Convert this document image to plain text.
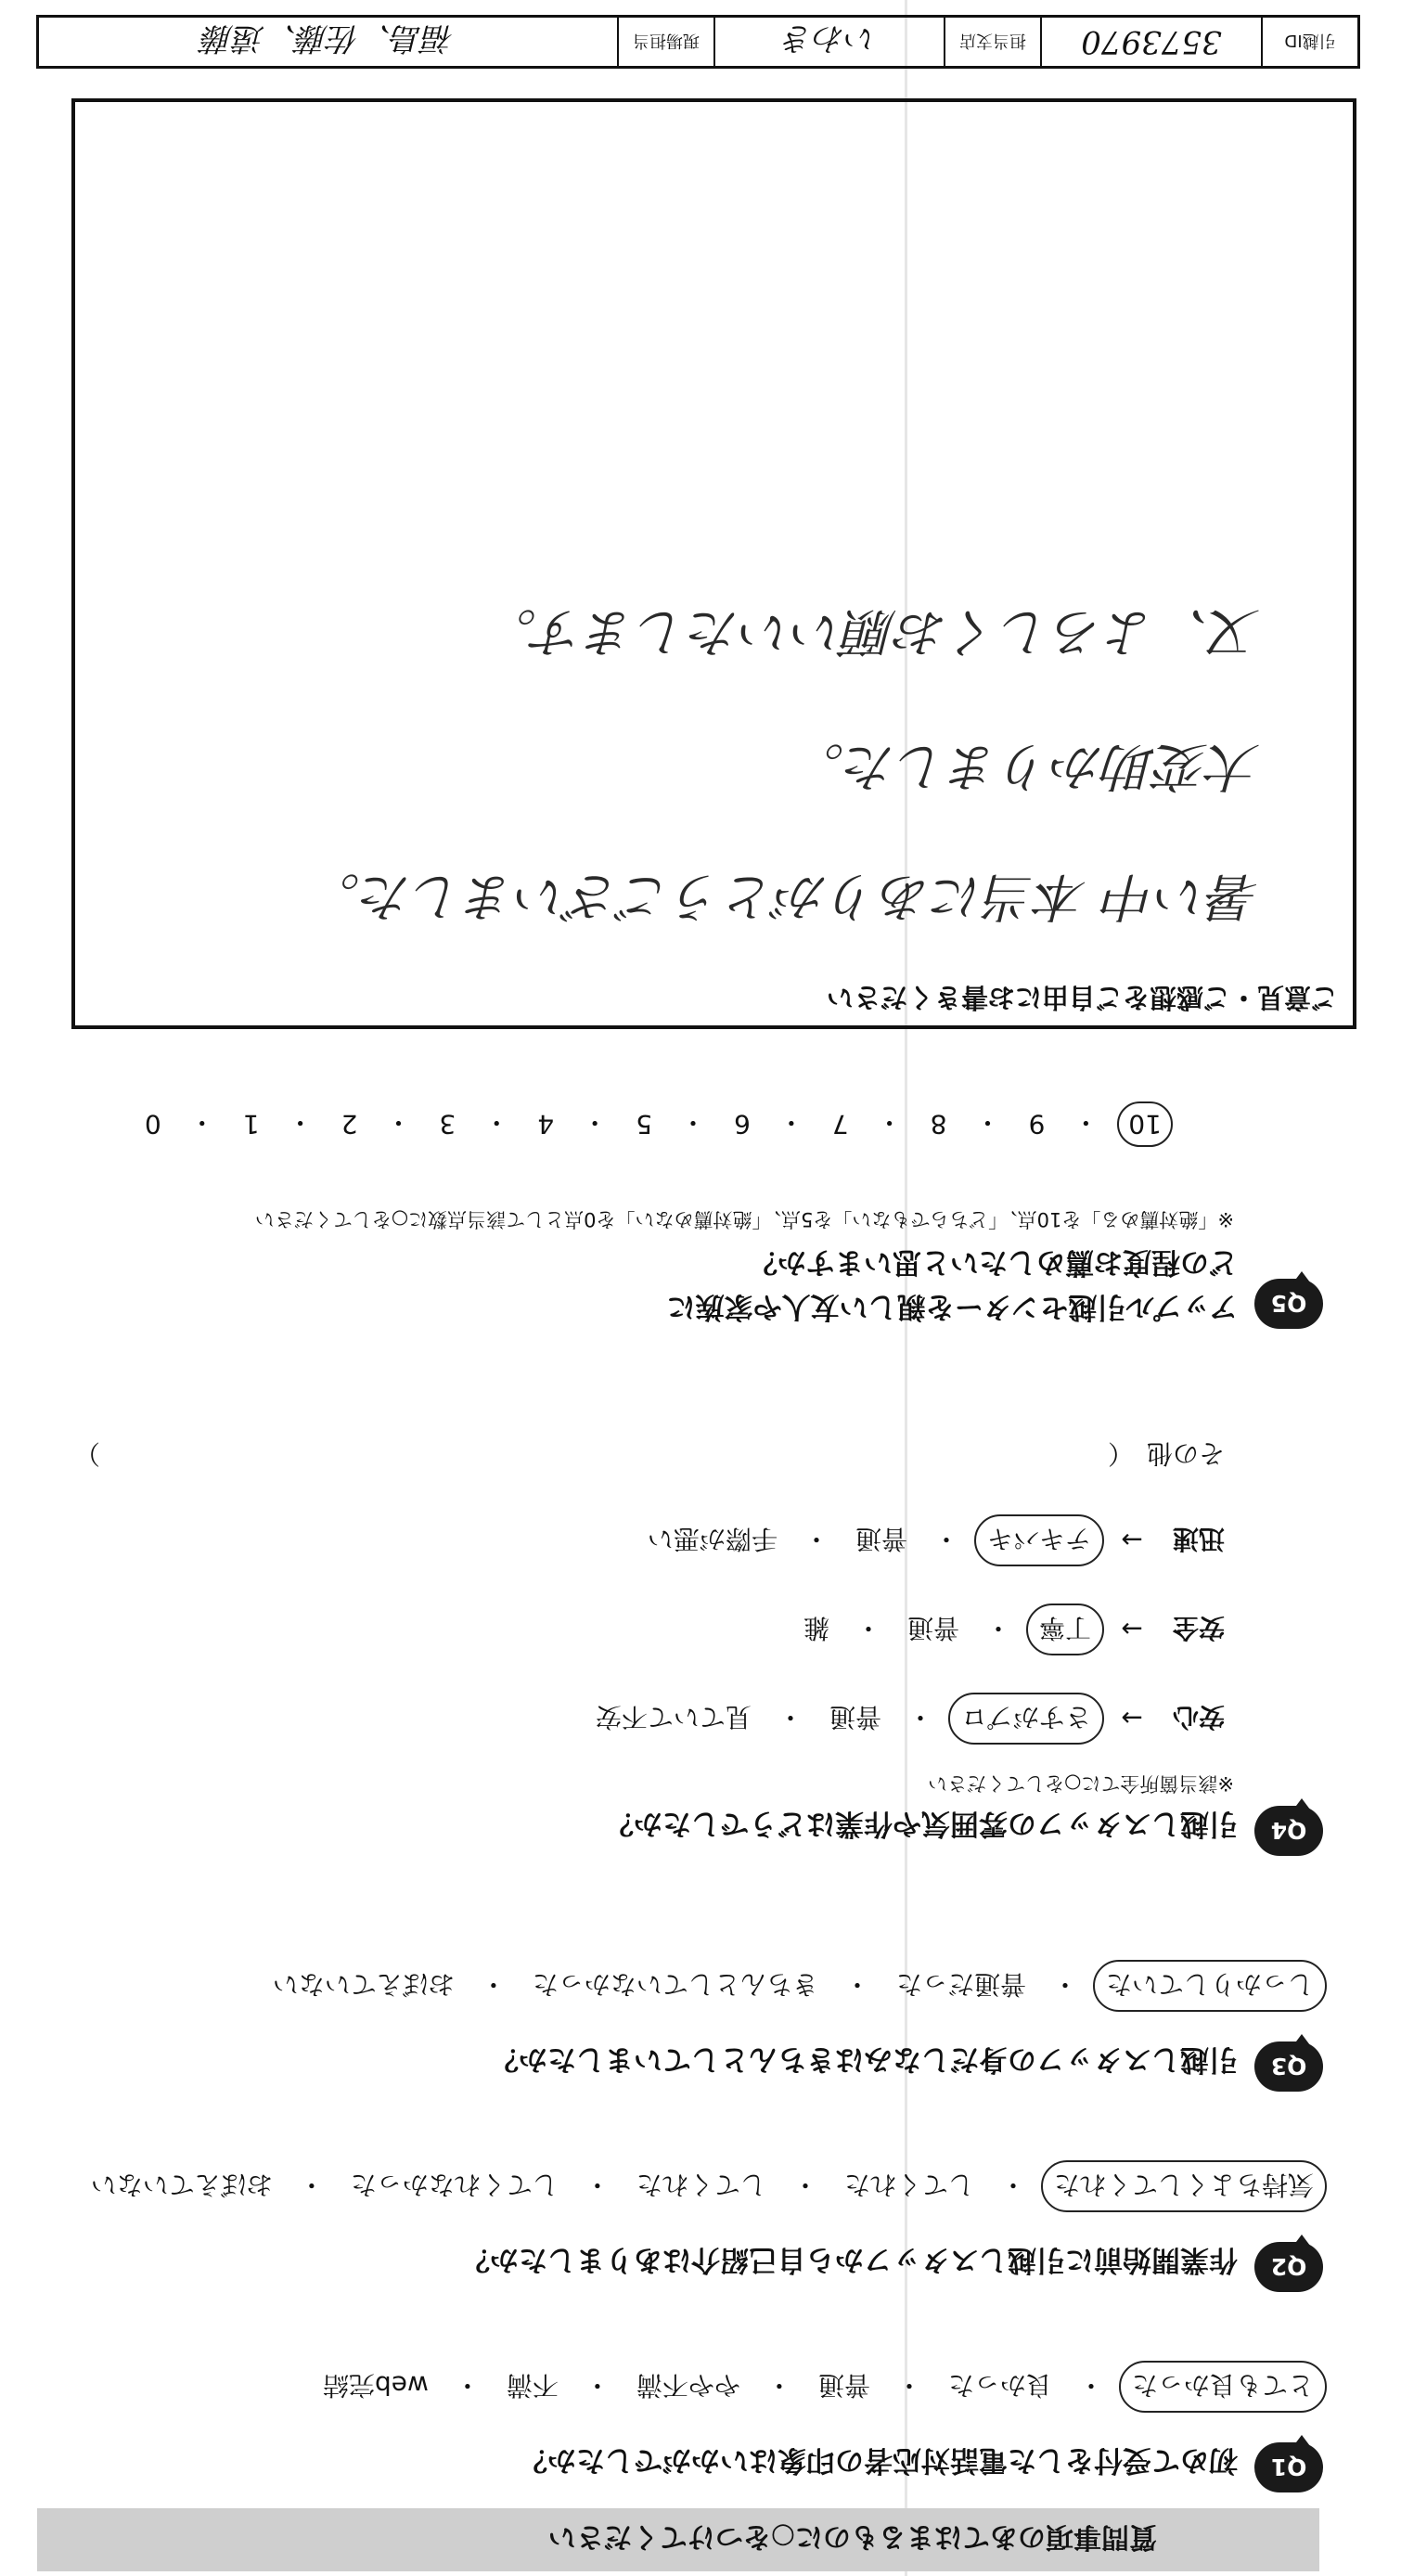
質問事項のあてはまるものに○をつけてください
Q1
初めて受付をした電話対応者の印象はいかがでしたか？
とても良かった
・
良かった
・
普通
・
やや不満
・
不満
・
web完結
Q2
作業開始前に引越しスタッフから自己紹介はありましたか？
気持ちよくしてくれた
・
してくれた
・
してくれた
・
してくれなかった
・
おぼえていない
Q3
引越しスタッフの身だしなみはきちんとしていましたか？
しっかりしていた
・
普通だった
・
きちんとしていなかった
・
おぼえていない
Q4
引越しスタッフの雰囲気や作業はどうでしたか？
※該当箇所全てに○をしてください
安心
→
さすがプロ
・
普通
・
見ていて不安
安全
→
丁寧
・
普通
・
雑
迅速
→
テキパキ
・
普通
・
手際が悪い
その他
（
）
Q5
アップル引越センターを親しい友人や家族に
どの程度お薦めしたいと思いますか？
※「絶対薦める」を10点、「どちらでもない」を5点、「絶対薦めない」を0点として該当点数に○をしてください
10
・
9
・
8
・
7
・
6
・
5
・
4
・
3
・
2
・
1
・
0
ご意見・ご感想をご自由にお書きください
暑い中 本当にありがとうございました。
大変助かりました。
又、よろしくお願いいたします。
引越ID
3573970
担当支店
いわき
現場担当
福島、佐藤、遠藤
